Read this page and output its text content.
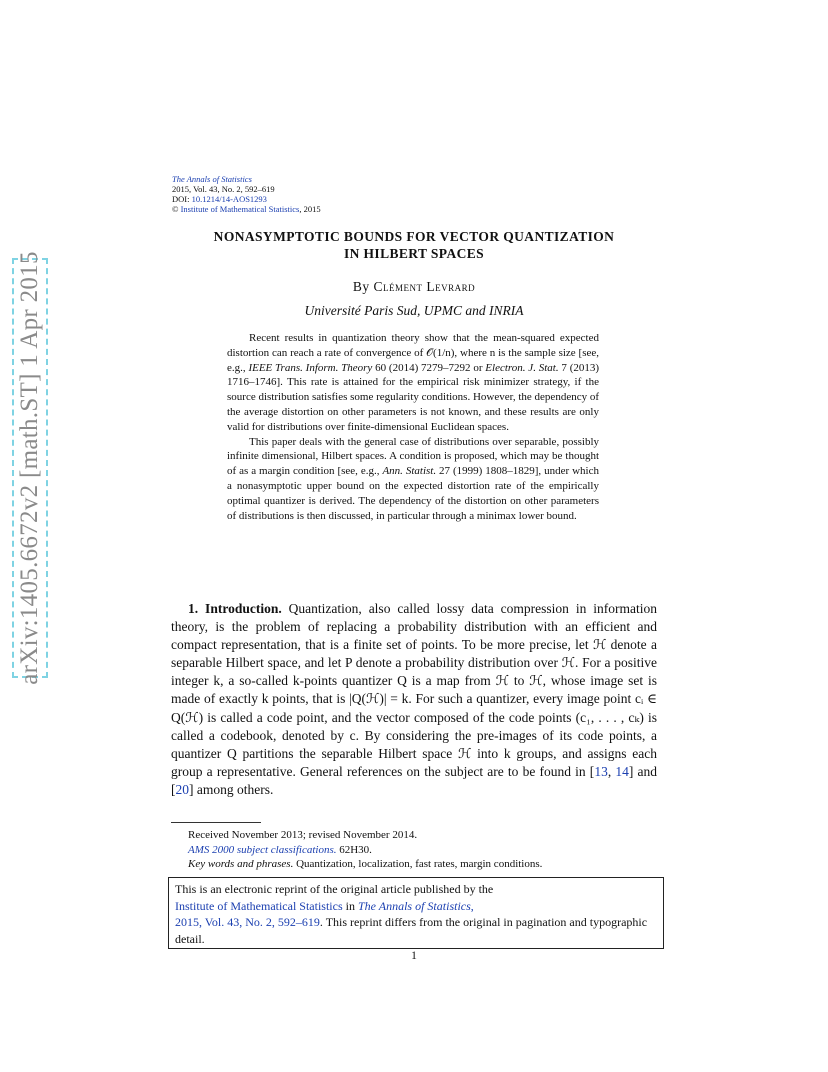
arXiv:1405.6672v2 [math.ST] 1 Apr 2015
The Annals of Statistics
2015, Vol. 43, No. 2, 592–619
DOI: 10.1214/14-AOS1293
© Institute of Mathematical Statistics, 2015
NONASYMPTOTIC BOUNDS FOR VECTOR QUANTIZATION
IN HILBERT SPACES
By Clément Levrard
Université Paris Sud, UPMC and INRIA

Recent results in quantization theory show that the mean-squared expected distortion can reach a rate of convergence of 𝒪(1/n), where n is the sample size [see, e.g., IEEE Trans. Inform. Theory 60 (2014) 7279–7292 or Electron. J. Stat. 7 (2013) 1716–1746]. This rate is attained for the empirical risk minimizer strategy, if the source distribution satisfies some regularity conditions. However, the dependency of the average distortion on other parameters is not known, and these results are only valid for distributions over finite-dimensional Euclidean spaces.

This paper deals with the general case of distributions over separable, possibly infinite dimensional, Hilbert spaces. A condition is proposed, which may be thought of as a margin condition [see, e.g., Ann. Statist. 27 (1999) 1808–1829], under which a nonasymptotic upper bound on the expected distortion rate of the empirically optimal quantizer is derived. The dependency of the distortion on other parameters of distributions is then discussed, in particular through a minimax lower bound.

1. Introduction. Quantization, also called lossy data compression in information theory, is the problem of replacing a probability distribution with an efficient and compact representation, that is a finite set of points. To be more precise, let ℋ denote a separable Hilbert space, and let P denote a probability distribution over ℋ. For a positive integer k, a so-called k-points quantizer Q is a map from ℋ to ℋ, whose image set is made of exactly k points, that is |Q(ℋ)| = k. For such a quantizer, every image point cᵢ ∈ Q(ℋ) is called a code point, and the vector composed of the code points (c₁, . . . , cₖ) is called a codebook, denoted by c. By considering the pre-images of its code points, a quantizer Q partitions the separable Hilbert space ℋ into k groups, and assigns each group a representative. General references on the subject are to be found in [13, 14] and [20] among others.

Received November 2013; revised November 2014.
AMS 2000 subject classifications. 62H30.
Key words and phrases. Quantization, localization, fast rates, margin conditions.
This is an electronic reprint of the original article published by the
Institute of Mathematical Statistics in The Annals of Statistics,
2015, Vol. 43, No. 2, 592–619. This reprint differs from the original in pagination and typographic detail.
1
